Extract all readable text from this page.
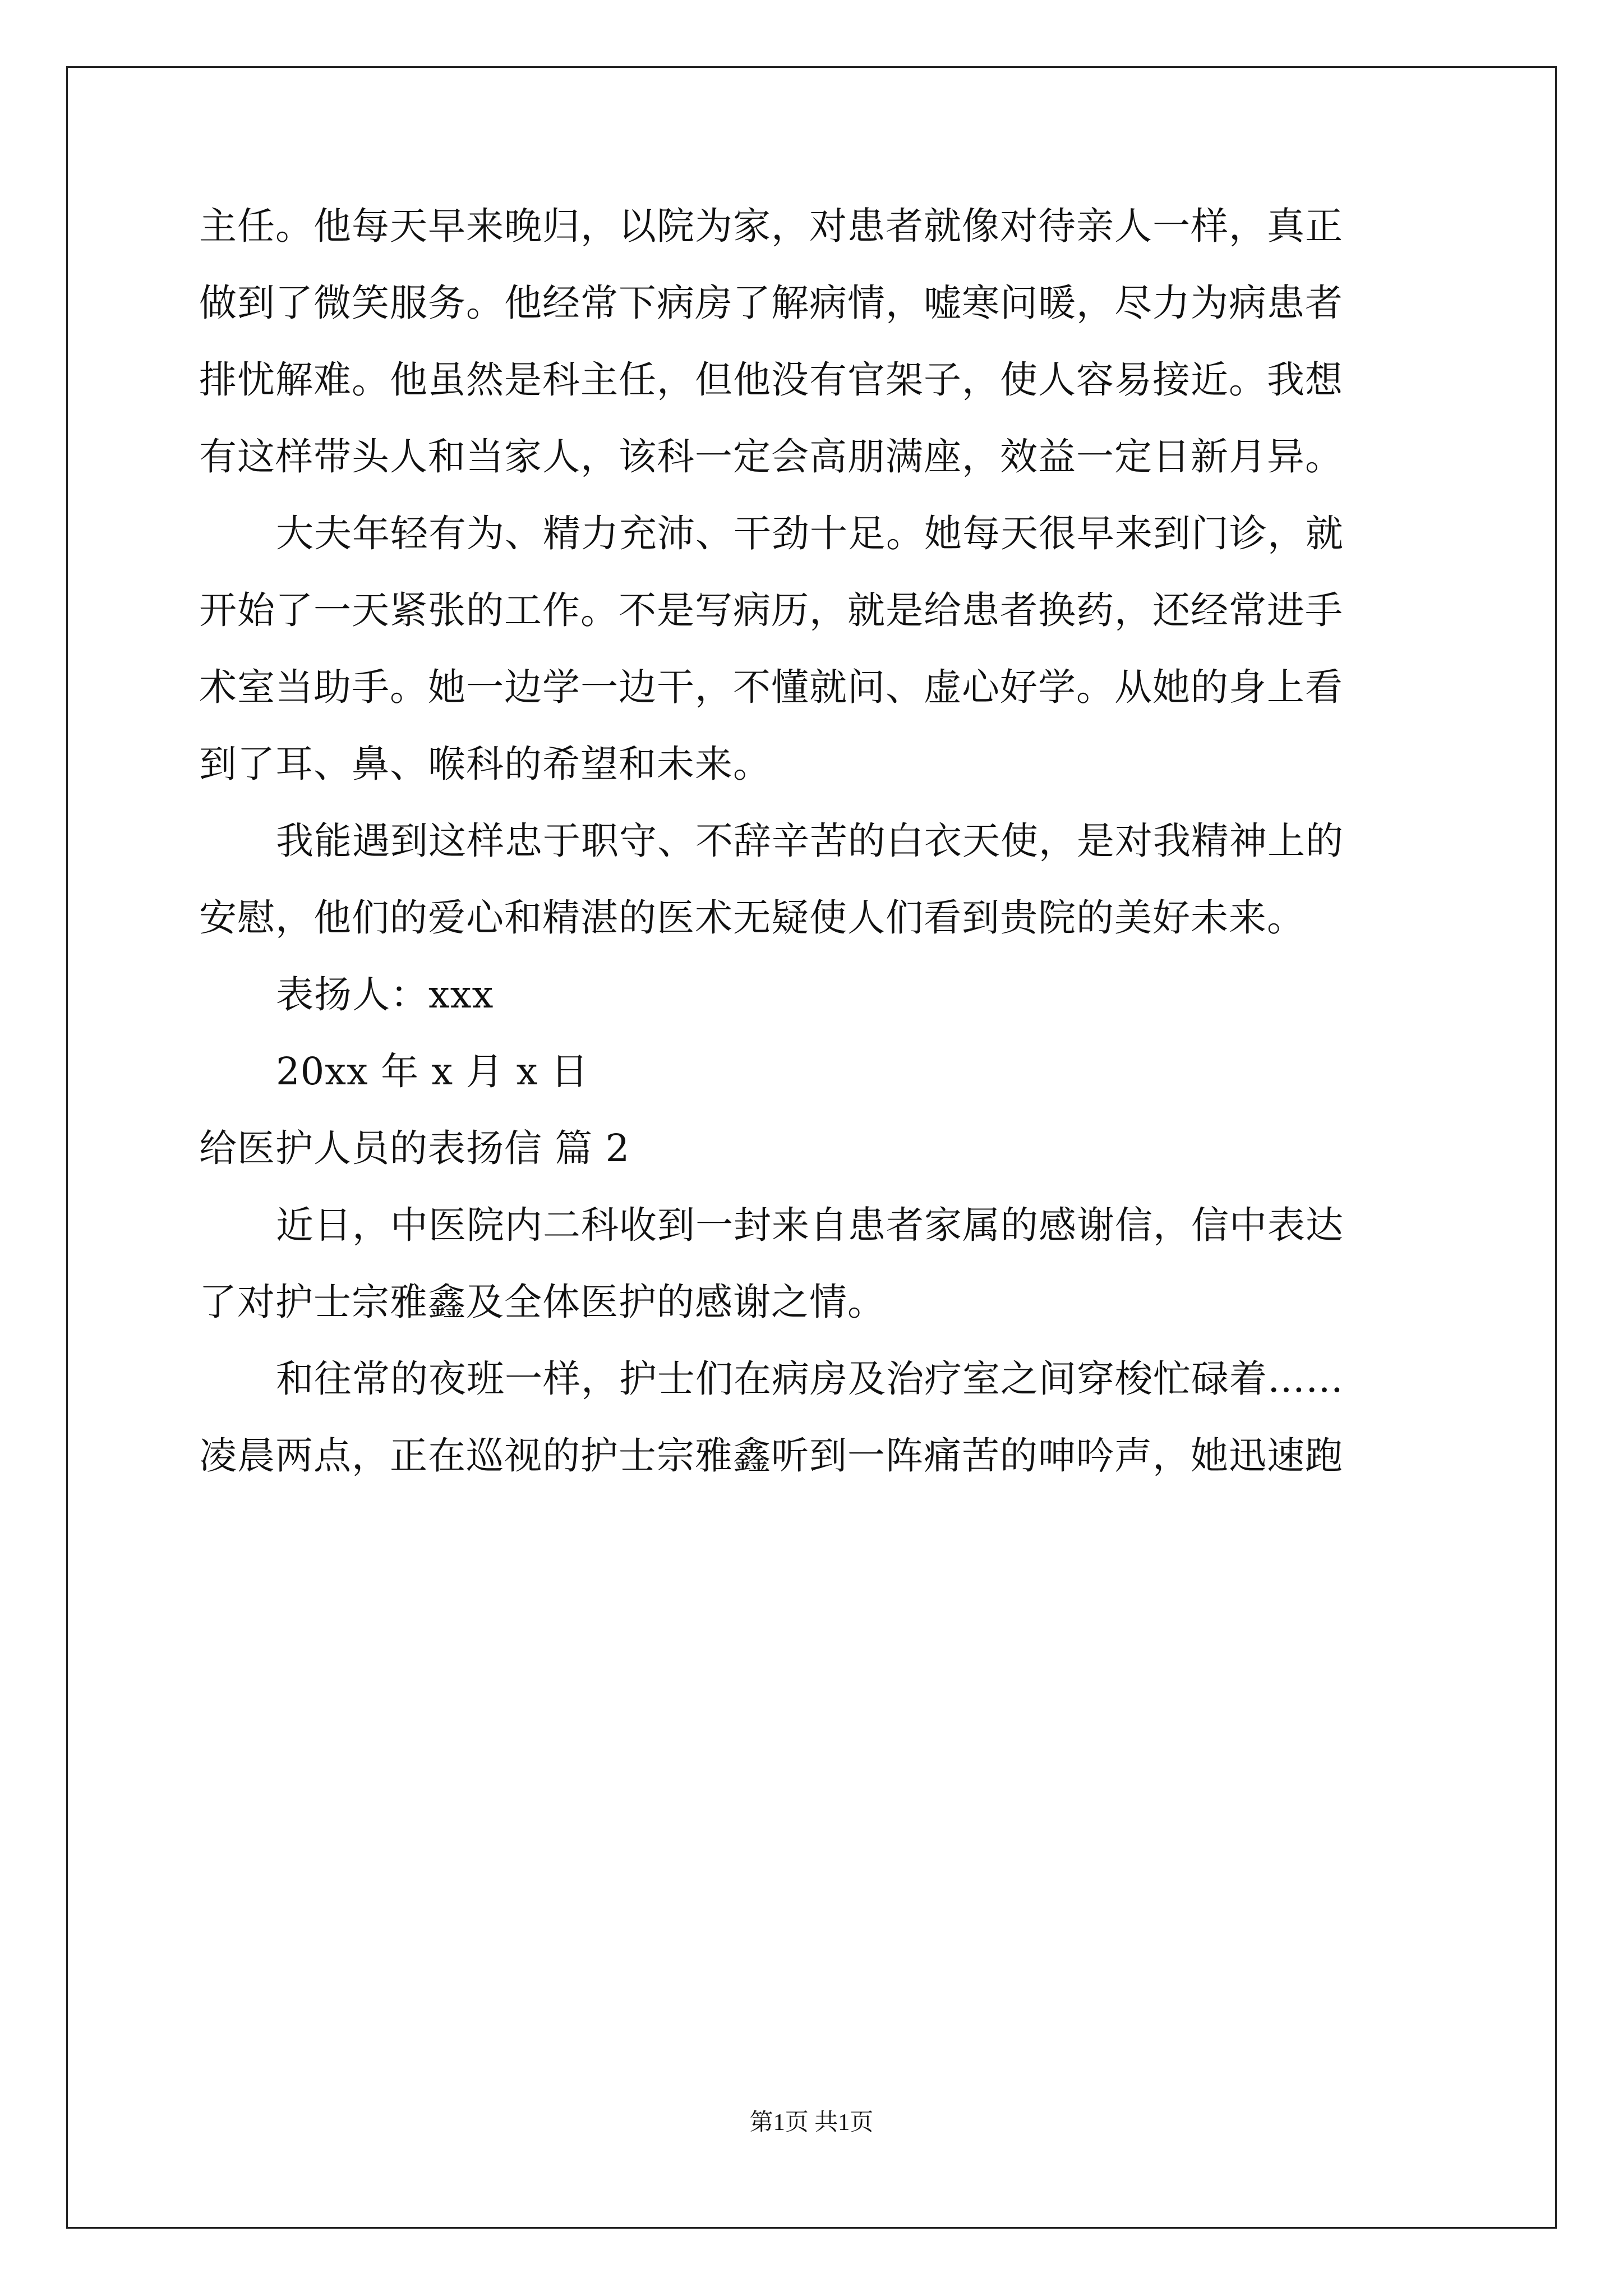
主任。他每天早来晚归，以院为家，对患者就像对待亲人一样，真正
做到了微笑服务。他经常下病房了解病情，嘘寒问暖，尽力为病患者
排忧解难。他虽然是科主任，但他没有官架子，使人容易接近。我想
有这样带头人和当家人，该科一定会高朋满座，效益一定日新月异。
大夫年轻有为、精力充沛、干劲十足。她每天很早来到门诊，就
开始了一天紧张的工作。不是写病历，就是给患者换药，还经常进手
术室当助手。她一边学一边干，不懂就问、虚心好学。从她的身上看
到了耳、鼻、喉科的希望和未来。
我能遇到这样忠于职守、不辞辛苦的白衣天使，是对我精神上的
安慰，他们的爱心和精湛的医术无疑使人们看到贵院的美好未来。
表扬人：xxx
20xx 年 x 月 x 日
给医护人员的表扬信 篇 2
近日，中医院内二科收到一封来自患者家属的感谢信，信中表达
了对护士宗雅鑫及全体医护的感谢之情。
和往常的夜班一样，护士们在病房及治疗室之间穿梭忙碌着……
凌晨两点，正在巡视的护士宗雅鑫听到一阵痛苦的呻吟声，她迅速跑
第1页 共1页
